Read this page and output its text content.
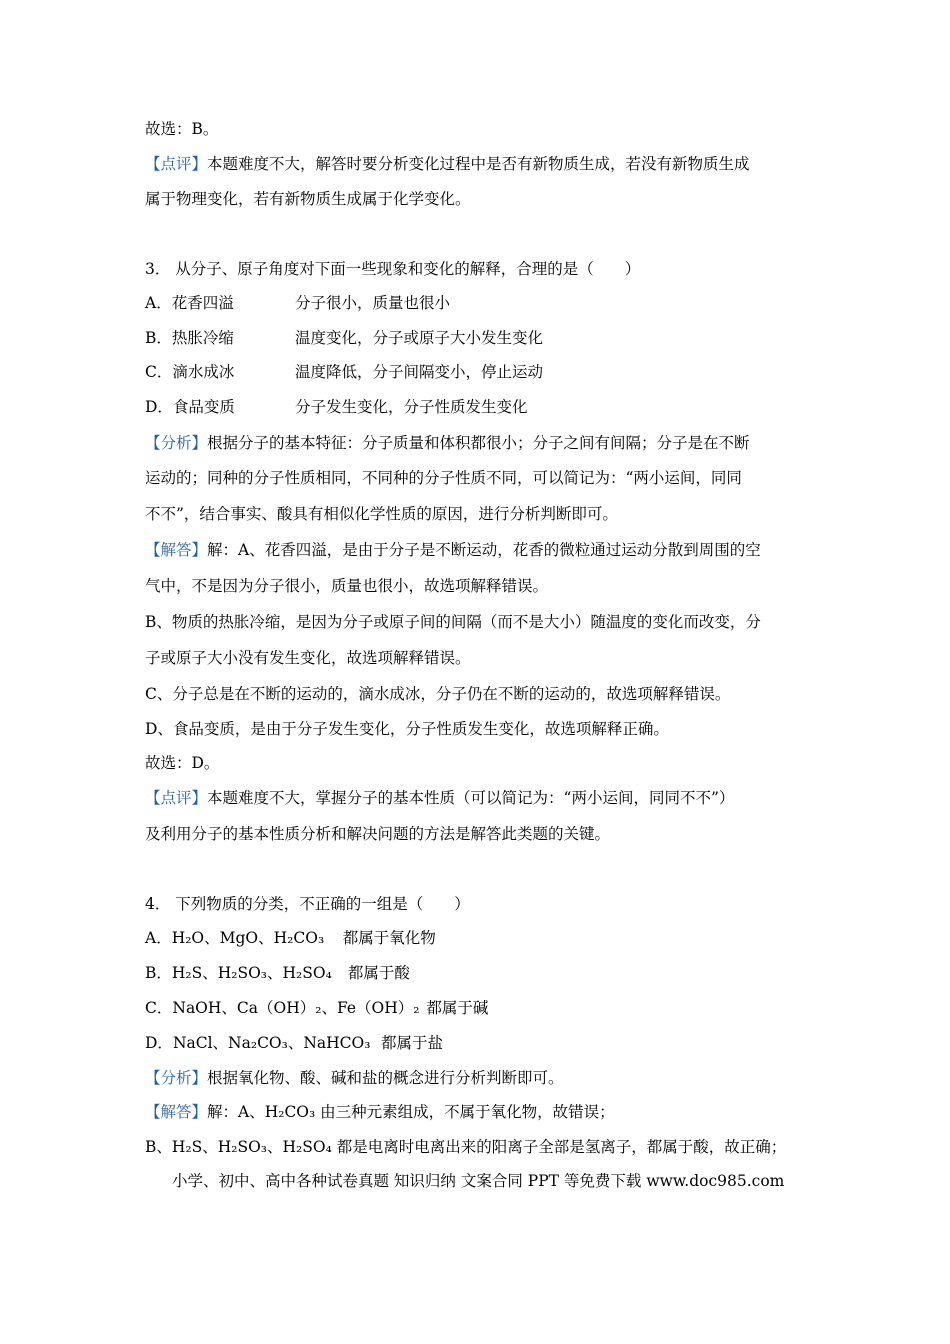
故选：B。
【点评】本题难度不大，解答时要分析变化过程中是否有新物质生成，若没有新物质生成
属于物理变化，若有新物质生成属于化学变化。
3． 从分子、原子角度对下面一些现象和变化的解释，合理的是（　　）
A．花香四溢	分子很小，质量也很小
B．热胀冷缩	温度变化，分子或原子大小发生变化
C．滴水成冰	温度降低，分子间隔变小，停止运动
D．食品变质	分子发生变化，分子性质发生变化
【分析】根据分子的基本特征：分子质量和体积都很小；分子之间有间隔；分子是在不断
运动的；同种的分子性质相同，不同种的分子性质不同，可以简记为：“两小运间，同同
不不”，结合事实、酸具有相似化学性质的原因，进行分析判断即可。
【解答】解：A、花香四溢，是由于分子是不断运动，花香的微粒通过运动分散到周围的空
气中，不是因为分子很小，质量也很小，故选项解释错误。
B、物质的热胀冷缩，是因为分子或原子间的间隔（而不是大小）随温度的变化而改变，分
子或原子大小没有发生变化，故选项解释错误。
C、分子总是在不断的运动的，滴水成冰，分子仍在不断的运动的，故选项解释错误。
D、食品变质，是由于分子发生变化，分子性质发生变化，故选项解释正确。
故选：D。
【点评】本题难度不大，掌握分子的基本性质（可以简记为：“两小运间，同同不不”）
及利用分子的基本性质分析和解决问题的方法是解答此类题的关键。
4． 下列物质的分类，不正确的一组是（　　）
A．H₂O、MgO、H₂CO₃ 都属于氧化物
B．H₂S、H₂SO₃、H₂SO₄ 都属于酸
C．NaOH、Ca（OH）₂、Fe（OH）₂ 都属于碱
D．NaCl、Na₂CO₃、NaHCO₃ 都属于盐
【分析】根据氧化物、酸、碱和盐的概念进行分析判断即可。
【解答】解：A、H₂CO₃ 由三种元素组成，不属于氧化物，故错误；
B、H₂S、H₂SO₃、H₂SO₄ 都是电离时电离出来的阳离子全部是氢离子，都属于酸，故正确；
小学、初中、高中各种试卷真题 知识归纳 文案合同 PPT 等免费下载 www.doc985.com
